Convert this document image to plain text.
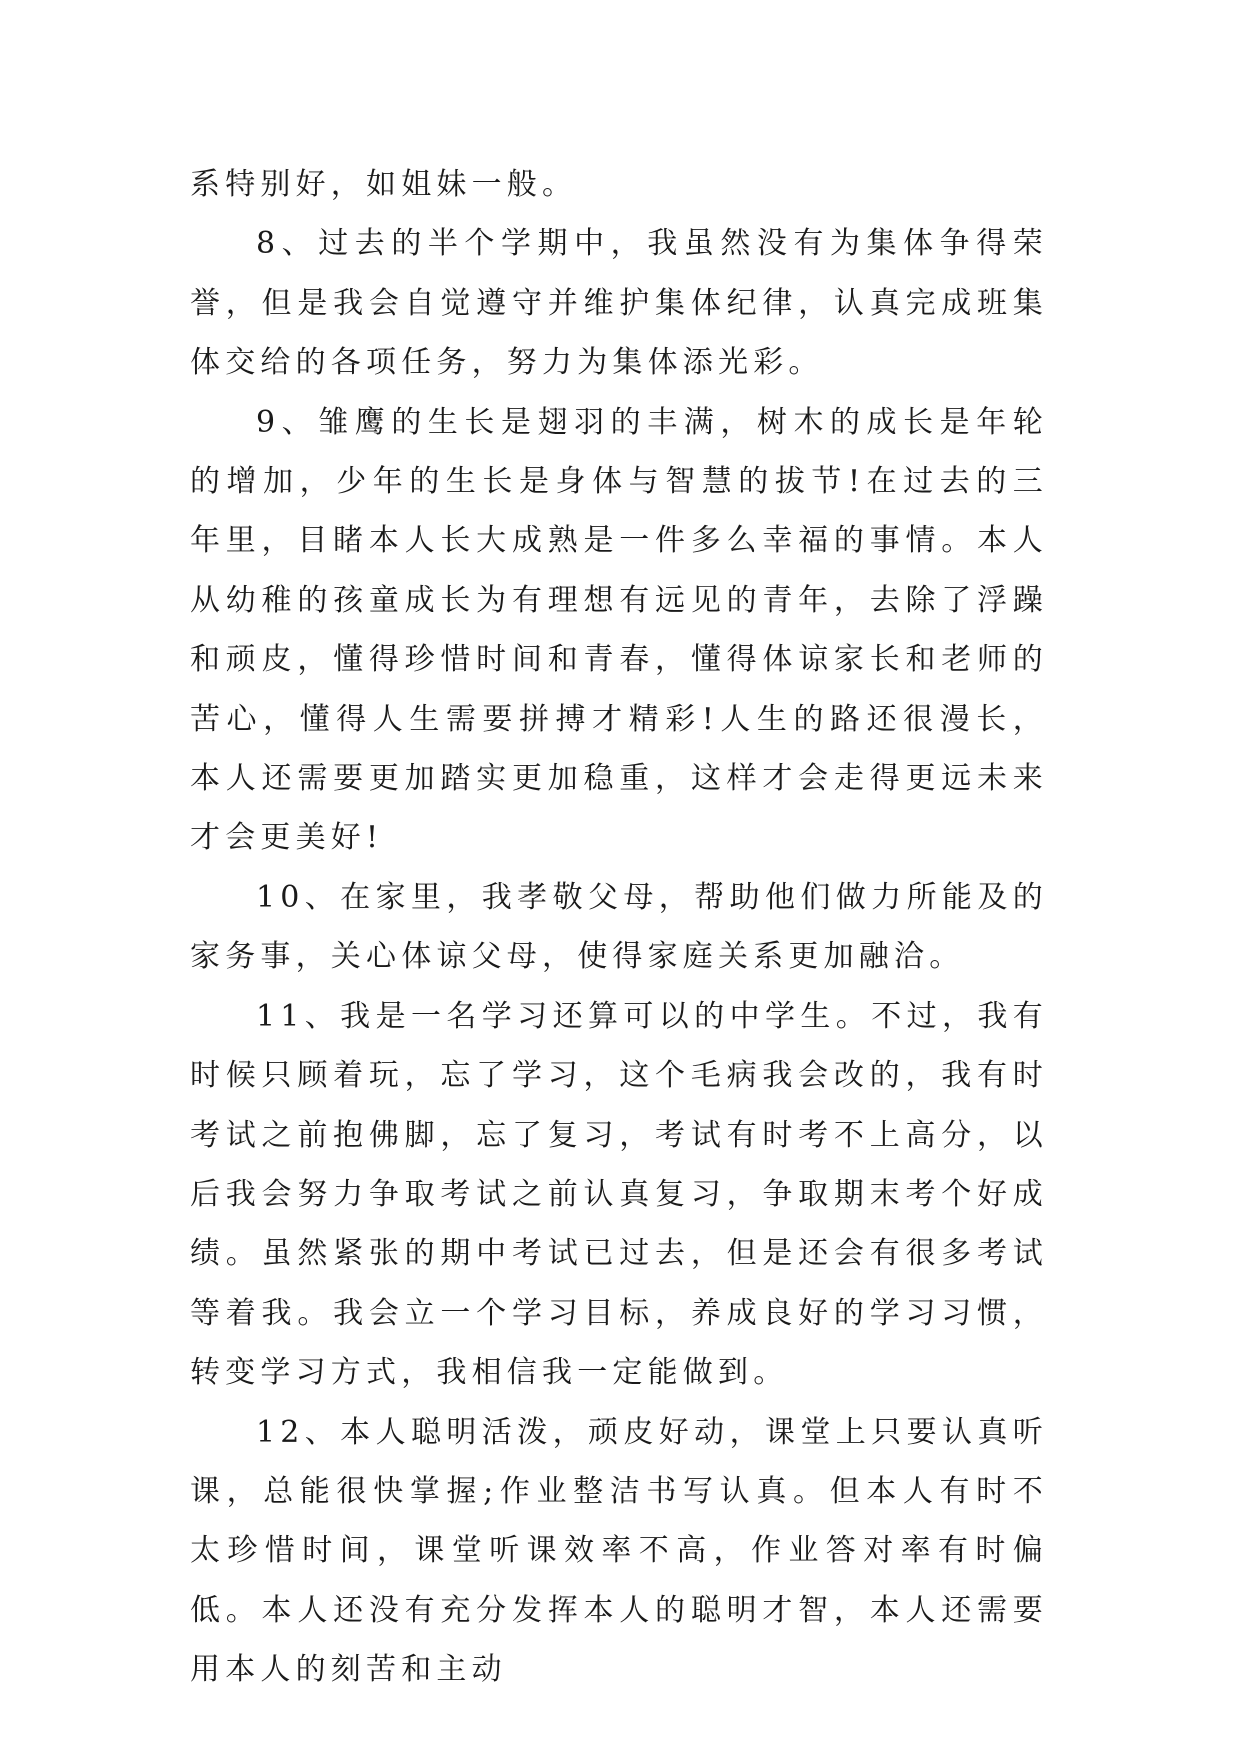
系特别好，如姐妹一般。

8、过去的半个学期中，我虽然没有为集体争得荣誉，但是我会自觉遵守并维护集体纪律，认真完成班集体交给的各项任务，努力为集体添光彩。

9、雏鹰的生长是翅羽的丰满，树木的成长是年轮的增加，少年的生长是身体与智慧的拔节!在过去的三年里，目睹本人长大成熟是一件多么幸福的事情。本人从幼稚的孩童成长为有理想有远见的青年，去除了浮躁和顽皮，懂得珍惜时间和青春，懂得体谅家长和老师的苦心，懂得人生需要拼搏才精彩!人生的路还很漫长，本人还需要更加踏实更加稳重，这样才会走得更远未来才会更美好!

10、在家里，我孝敬父母，帮助他们做力所能及的家务事，关心体谅父母，使得家庭关系更加融洽。

11、我是一名学习还算可以的中学生。不过，我有时候只顾着玩，忘了学习，这个毛病我会改的，我有时考试之前抱佛脚，忘了复习，考试有时考不上高分，以后我会努力争取考试之前认真复习，争取期末考个好成绩。虽然紧张的期中考试已过去，但是还会有很多考试等着我。我会立一个学习目标，养成良好的学习习惯，转变学习方式，我相信我一定能做到。

12、本人聪明活泼，顽皮好动，课堂上只要认真听课，总能很快掌握;作业整洁书写认真。但本人有时不太珍惜时间，课堂听课效率不高，作业答对率有时偏低。本人还没有充分发挥本人的聪明才智，本人还需要用本人的刻苦和主动
